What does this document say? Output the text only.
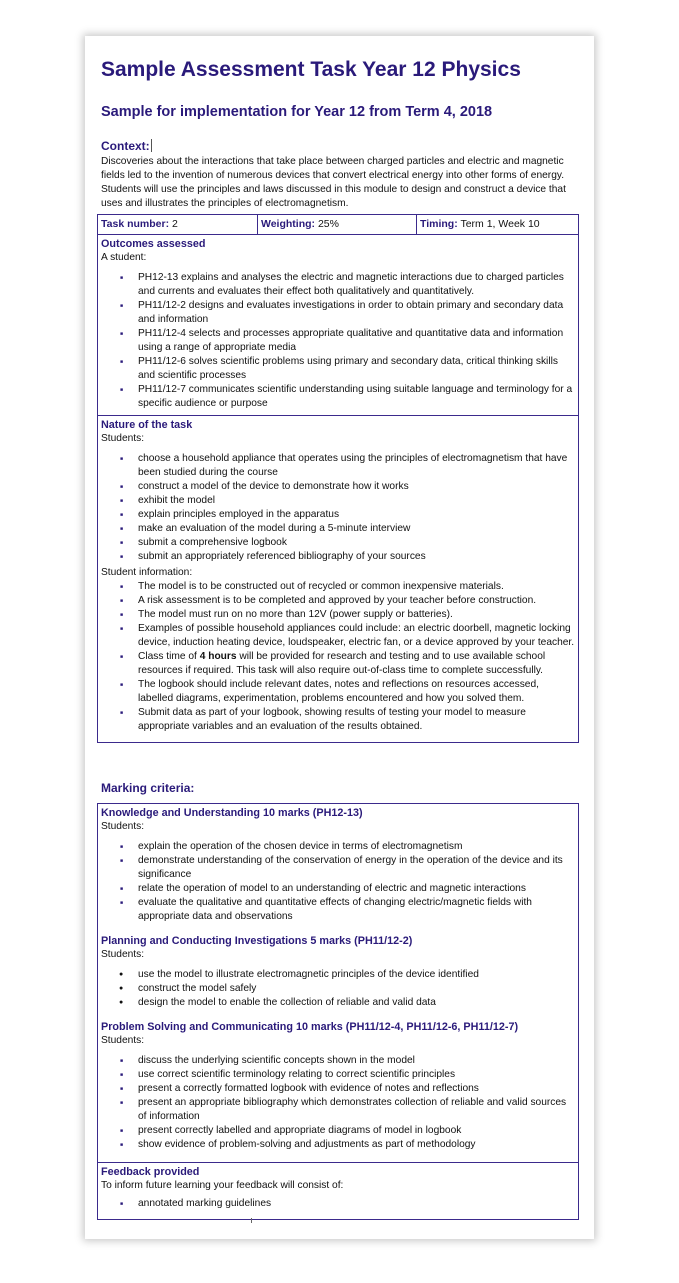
Sample Assessment Task Year 12 Physics
Sample for implementation for Year 12 from Term 4, 2018
Context:
Discoveries about the interactions that take place between charged particles and electric and magnetic fields led to the invention of numerous devices that convert electrical energy into other forms of energy. Students will use the principles and laws discussed in this module to design and construct a device that uses and illustrates the principles of electromagnetism.
Task number: 2	Weighting: 25%	Timing: Term 1, Week 10
Outcomes assessed
A student:
■ PH12-13 explains and analyses the electric and magnetic interactions due to charged particles and currents and evaluates their effect both qualitatively and quantitatively.
■ PH11/12-2 designs and evaluates investigations in order to obtain primary and secondary data and information
■ PH11/12-4 selects and processes appropriate qualitative and quantitative data and information using a range of appropriate media
■ PH11/12-6 solves scientific problems using primary and secondary data, critical thinking skills and scientific processes
■ PH11/12-7 communicates scientific understanding using suitable language and terminology for a specific audience or purpose
Nature of the task
Students:
■ choose a household appliance that operates using the principles of electromagnetism that have been studied during the course
■ construct a model of the device to demonstrate how it works
■ exhibit the model
■ explain principles employed in the apparatus
■ make an evaluation of the model during a 5-minute interview
■ submit a comprehensive logbook
■ submit an appropriately referenced bibliography of your sources
Student information:
■ The model is to be constructed out of recycled or common inexpensive materials.
■ A risk assessment is to be completed and approved by your teacher before construction.
■ The model must run on no more than 12V (power supply or batteries).
■ Examples of possible household appliances could include: an electric doorbell, magnetic locking device, induction heating device, loudspeaker, electric fan, or a device approved by your teacher.
■ Class time of 4 hours will be provided for research and testing and to use available school resources if required. This task will also require out-of-class time to complete successfully.
■ The logbook should include relevant dates, notes and reflections on resources accessed, labelled diagrams, experimentation, problems encountered and how you solved them.
■ Submit data as part of your logbook, showing results of testing your model to measure appropriate variables and an evaluation of the results obtained.
Marking criteria:
Knowledge and Understanding 10 marks (PH12-13)
Students:
■ explain the operation of the chosen device in terms of electromagnetism
■ demonstrate understanding of the conservation of energy in the operation of the device and its significance
■ relate the operation of model to an understanding of electric and magnetic interactions
■ evaluate the qualitative and quantitative effects of changing electric/magnetic fields with appropriate data and observations
Planning and Conducting Investigations 5 marks (PH11/12-2)
Students:
● use the model to illustrate electromagnetic principles of the device identified
● construct the model safely
● design the model to enable the collection of reliable and valid data
Problem Solving and Communicating 10 marks (PH11/12-4, PH11/12-6, PH11/12-7)
Students:
■ discuss the underlying scientific concepts shown in the model
■ use correct scientific terminology relating to correct scientific principles
■ present a correctly formatted logbook with evidence of notes and reflections
■ present an appropriate bibliography which demonstrates collection of reliable and valid sources of information
■ present correctly labelled and appropriate diagrams of model in logbook
■ show evidence of problem-solving and adjustments as part of methodology
Feedback provided
To inform future learning your feedback will consist of:
■ annotated marking guidelines
